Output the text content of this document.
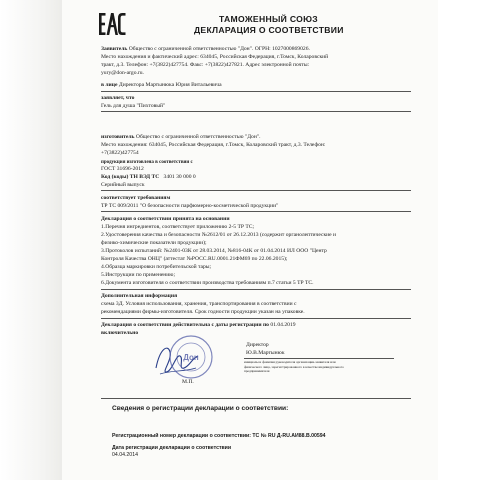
ТАМОЖЕННЫЙ СОЮЗ
ДЕКЛАРАЦИЯ О СООТВЕТСТВИИ
Заявитель Общество с ограниченной ответственностью "Дон". ОГРН: 1027000869026.
Место нахождения и фактический адрес: 634045, Российская Федерация, г.Томск, Коларовский
тракт, д.3. Телефон: +7(3822)427754. Факс: +7(3822)427821. Адрес электронной почты:
yury@don-argo.ru.
в лице Директора Мартынюка Юрия Витальевича
заявляет, что
Гель для душа "Пихтовый"
изготовитель Общество с ограниченной ответственностью "Дон".
Место нахождения: 634045, Российская Федерация, г.Томск, Коларовский тракт, д.3. Телефон:
+7(3822)427754
продукция изготовлена в соответствии с
ГОСТ 31696-2012
Код (коды) ТН ВЭД ТС 3401 30 000 0
Серийный выпуск
соответствует требованиям
ТР ТС 009/2011 "О безопасности парфюмерно-косметической продукции"
Декларация о соответствии принята на основании
1.Перечня ингредиентов, соответствует приложению 2-5 ТР ТС;
2.Удостоверения качества и безопасности №2612/01 от 26.12.2013 (содержит органолептические и
физико-химические показатели продукции);
3.Протоколов испытаний: №2401-03К от 28.03.2014, №816-04К от 01.04.2014 ИЛ ООО "Центр
Контроля Качества ОНЦ" (аттестат №РОСС.RU.0001.21ФМ69 по 22.06.2015);
4.Образца маркировки потребительской тары;
5.Инструкции по применению;
6.Документа изготовителя о соответствии производства требованиям п.7 статьи 5 ТР ТС.
Дополнительная информация
схема 3Д. Условия использования, хранения, транспортирования в соответствии с
рекомендациями фирмы-изготовителя. Срок годности продукции указан на упаковке.
Декларация о соответствии действительна с даты регистрации по 01.04.2019
включительно
Дон
Директор
Ю.В.Мартынюк
инициалы и фамилия руководителя организации-заявителя или
физического лица, зарегистрированного в качестве индивидуального
предпринимателя
М.П.
Сведения о регистрации декларации о соответствии:
Регистрационный номер декларации о соответствии: ТС № RU Д-RU.АИ88.В.00594
Дата регистрации декларации о соответствии
04.04.2014
